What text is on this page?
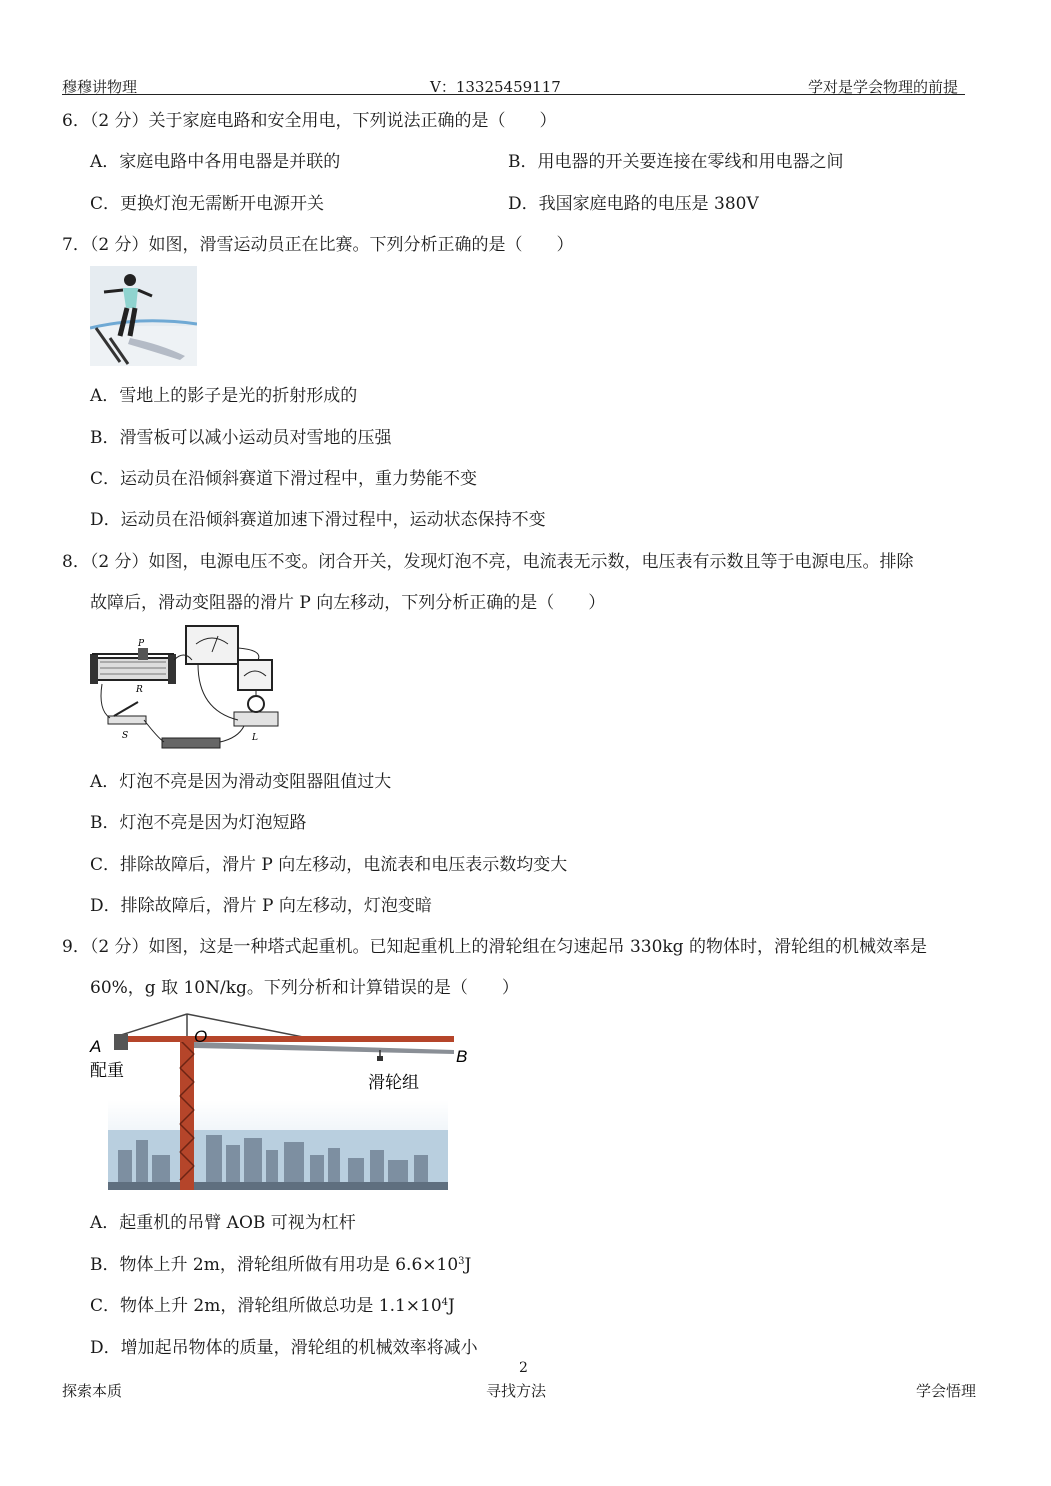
穆穆讲物理	V：13325459117	学对是学会物理的前提
6．（2 分）关于家庭电路和安全用电，下列说法正确的是（　　）
A．家庭电路中各用电器是并联的	B．用电器的开关要连接在零线和用电器之间
C．更换灯泡无需断开电源开关	D．我国家庭电路的电压是 380V
7．（2 分）如图，滑雪运动员正在比赛。下列分析正确的是（　　）
A．雪地上的影子是光的折射形成的
B．滑雪板可以减小运动员对雪地的压强
C．运动员在沿倾斜赛道下滑过程中，重力势能不变
D．运动员在沿倾斜赛道加速下滑过程中，运动状态保持不变
8．（2 分）如图，电源电压不变。闭合开关，发现灯泡不亮，电流表无示数，电压表有示数且等于电源电压。排除
故障后，滑动变阻器的滑片 P 向左移动，下列分析正确的是（　　）
P
R
S	L
A．灯泡不亮是因为滑动变阻器阻值过大
B．灯泡不亮是因为灯泡短路
C．排除故障后，滑片 P 向左移动，电流表和电压表示数均变大
D．排除故障后，滑片 P 向左移动，灯泡变暗
9．（2 分）如图，这是一种塔式起重机。已知起重机上的滑轮组在匀速起吊 330kg 的物体时，滑轮组的机械效率是
60%，g 取 10N/kg。下列分析和计算错误的是（　　）
A
O
B
配重
滑轮组
A．起重机的吊臂 AOB 可视为杠杆
B．物体上升 2m，滑轮组所做有用功是 $6.6\times 10^3J$
C．物体上升 2m，滑轮组所做总功是 $1.1\times 10^4J$
D．增加起吊物体的质量，滑轮组的机械效率将减小
2
探索本质	寻找方法	学会悟理
